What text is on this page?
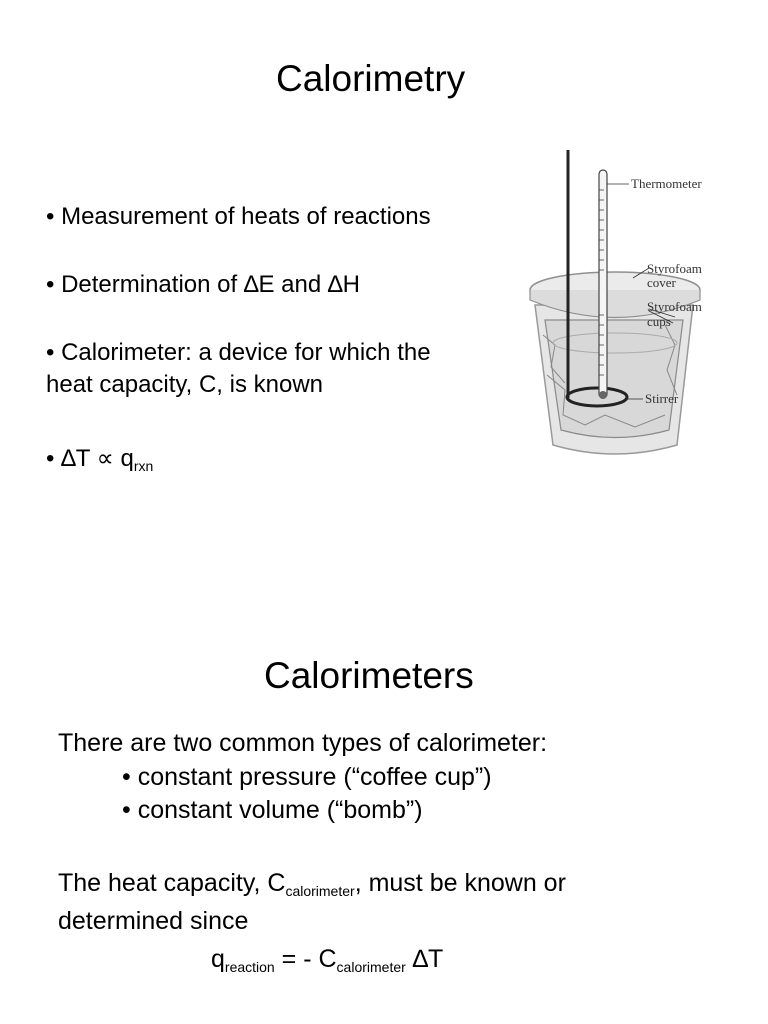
Calorimetry
• Measurement of heats of reactions
• Determination of ∆E and ∆H
• Calorimeter: a device for which the
heat capacity, C, is known
• $\Delta T \propto q_{rxn}$
Thermometer
Styrofoam
cover
Styrofoam
cups
Stirrer
Calorimeters
There are two common types of calorimeter:
• constant pressure (“coffee cup”)
• constant volume (“bomb”)
The heat capacity, $C_{calorimeter}$, must be known or
determined since
$q_{reaction}$ = - $C_{calorimeter}$ ∆T
